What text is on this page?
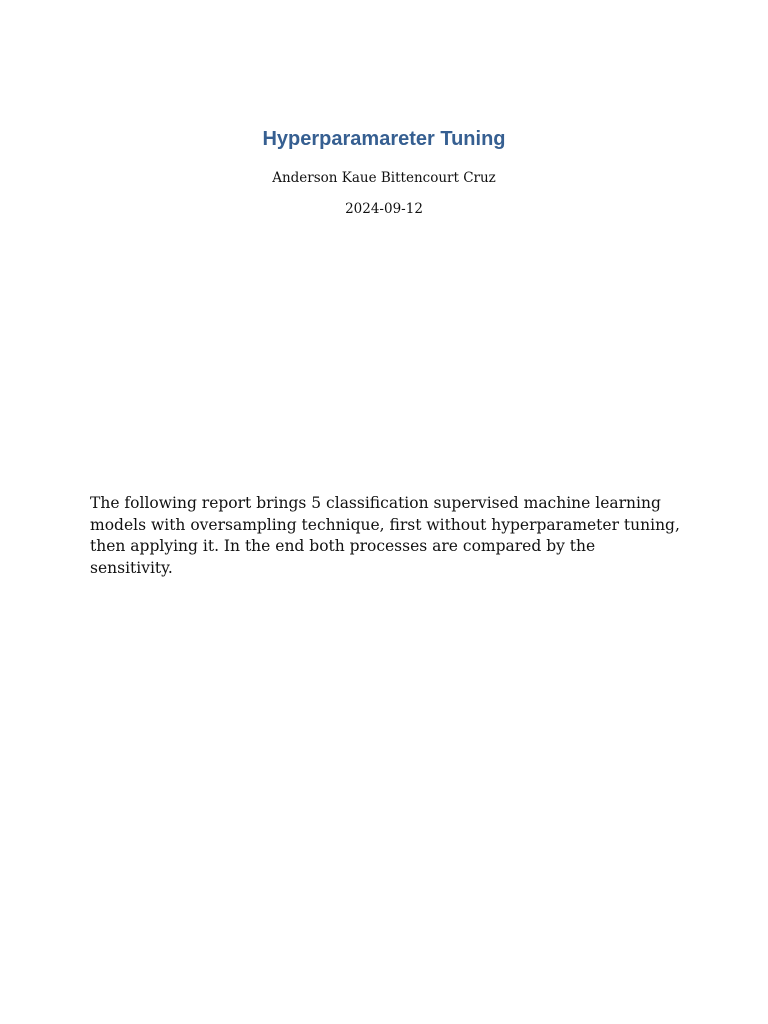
Hyperparamareter Tuning
Anderson Kaue Bittencourt Cruz
2024-09-12
The following report brings 5 classification supervised machine learning models with oversampling technique, first without hyperparameter tuning, then applying it. In the end both processes are compared by the sensitivity.
